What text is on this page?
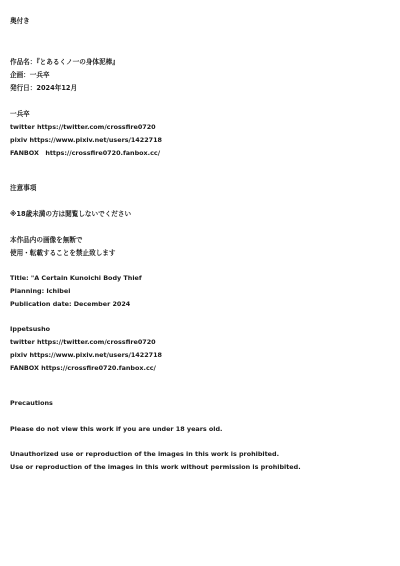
奥付き
作品名：『とあるくノ一の身体泥棒』
企画：一兵卒
発行日：2024年12月
一兵卒
twitter https://twitter.com/crossfire0720
pixiv https://www.pixiv.net/users/1422718
FANBOX　https://crossfire0720.fanbox.cc/
注意事項
※18歳未満の方は閲覧しないでください
本作品内の画像を無断で
使用・転載することを禁止致します
Title: "A Certain Kunoichi Body Thief
Planning: Ichibei
Publication date: December 2024
Ippetsusho
twitter https://twitter.com/crossfire0720
pixiv https://www.pixiv.net/users/1422718
FANBOX https://crossfire0720.fanbox.cc/
Precautions
Please do not view this work if you are under 18 years old.
Unauthorized use or reproduction of the images in this work is prohibited.
Use or reproduction of the images in this work without permission is prohibited.
